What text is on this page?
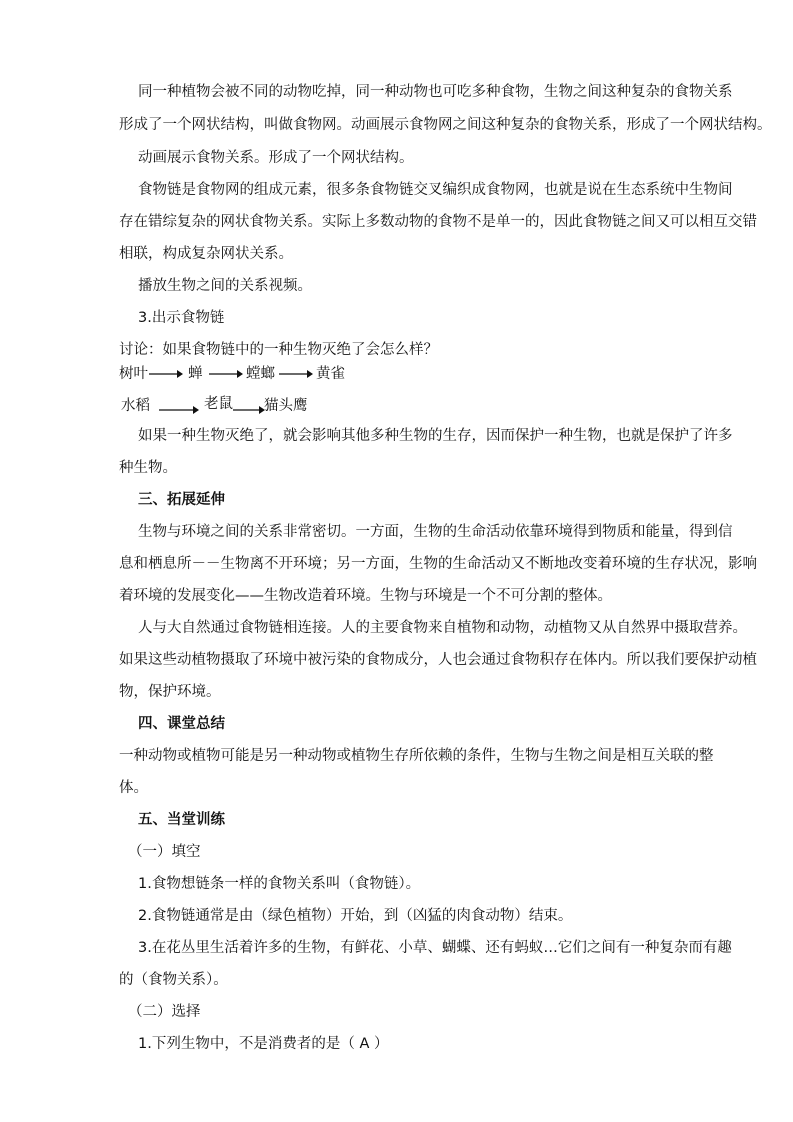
同一种植物会被不同的动物吃掉，同一种动物也可吃多种食物，生物之间这种复杂的食物关系
形成了一个网状结构，叫做食物网。动画展示食物网之间这种复杂的食物关系，形成了一个网状结构。
动画展示食物关系。形成了一个网状结构。
食物链是食物网的组成元素，很多条食物链交叉编织成食物网，也就是说在生态系统中生物间
存在错综复杂的网状食物关系。实际上多数动物的食物不是单一的，因此食物链之间又可以相互交错
相联，构成复杂网状关系。
播放生物之间的关系视频。
3.出示食物链
讨论：如果食物链中的一种生物灭绝了会怎么样？
树叶	蝉	螳螂	黄雀
水稻	老鼠 猫头鹰
如果一种生物灭绝了，就会影响其他多种生物的生存，因而保护一种生物，也就是保护了许多
种生物。
三、拓展延伸
生物与环境之间的关系非常密切。一方面，生物的生命活动依靠环境得到物质和能量，得到信
息和栖息所－－生物离不开环境；另一方面，生物的生命活动又不断地改变着环境的生存状况，影响
着环境的发展变化——生物改造着环境。生物与环境是一个不可分割的整体。
人与大自然通过食物链相连接。人的主要食物来自植物和动物，动植物又从自然界中摄取营养。
如果这些动植物摄取了环境中被污染的食物成分，人也会通过食物积存在体内。所以我们要保护动植
物，保护环境。
四、课堂总结
一种动物或植物可能是另一种动物或植物生存所依赖的条件，生物与生物之间是相互关联的整
体。
五、当堂训练
（一）填空
1.食物想链条一样的食物关系叫（食物链）。
2.食物链通常是由（绿色植物）开始，到（凶猛的肉食动物）结束。
3.在花丛里生活着许多的生物，有鲜花、小草、蝴蝶、还有蚂蚁…它们之间有一种复杂而有趣
的（食物关系）。
（二）选择
1.下列生物中，不是消费者的是（ A ）
